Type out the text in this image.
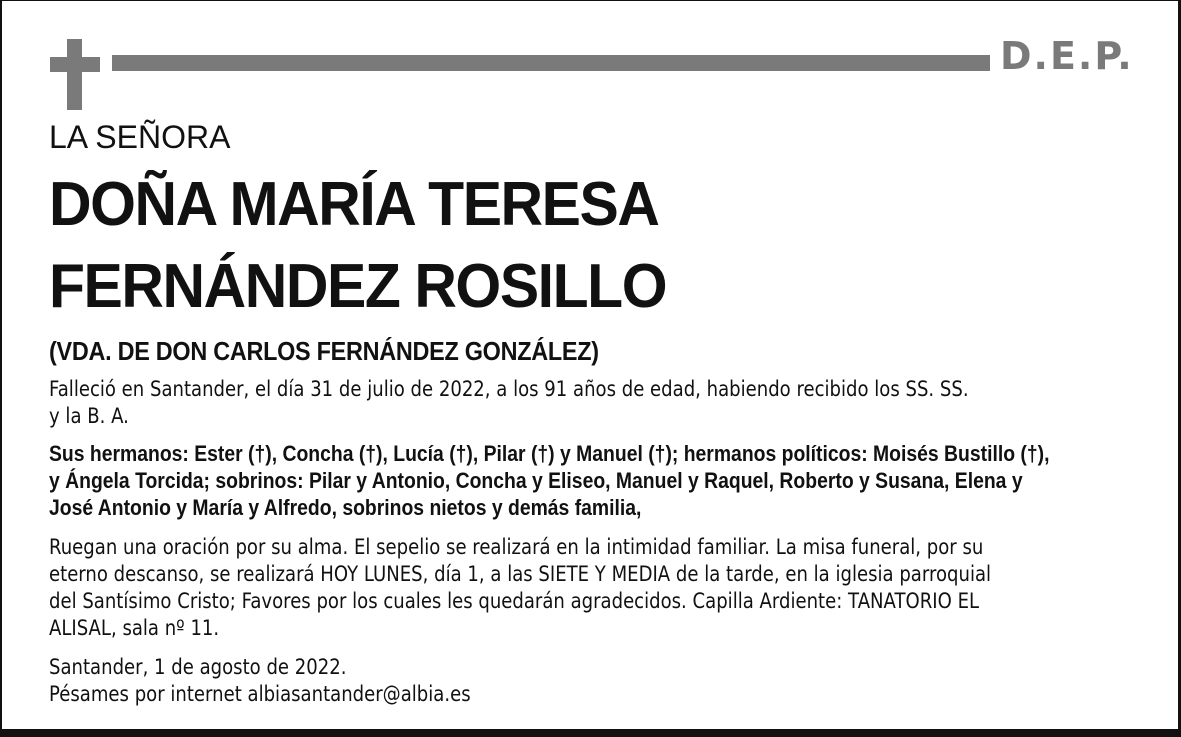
D.E.P.
LA SEÑORA
DOÑA MARÍA TERESA
FERNÁNDEZ ROSILLO
(VDA. DE DON CARLOS FERNÁNDEZ GONZÁLEZ)
Falleció en Santander, el día 31 de julio de 2022, a los 91 años de edad, habiendo recibido los SS. SS.
y la B. A.
Sus hermanos: Ester (†), Concha (†), Lucía (†), Pilar (†) y Manuel (†); hermanos políticos: Moisés Bustillo (†),
y Ángela Torcida; sobrinos: Pilar y Antonio, Concha y Eliseo, Manuel y Raquel, Roberto y Susana, Elena y
José Antonio y María y Alfredo, sobrinos nietos y demás familia,
Ruegan una oración por su alma. El sepelio se realizará en la intimidad familiar. La misa funeral, por su
eterno descanso, se realizará HOY LUNES, día 1, a las SIETE Y MEDIA de la tarde, en la iglesia parroquial
del Santísimo Cristo; Favores por los cuales les quedarán agradecidos. Capilla Ardiente: TANATORIO EL
ALISAL, sala nº 11.
Santander, 1 de agosto de 2022.
Pésames por internet albiasantander@albia.es
